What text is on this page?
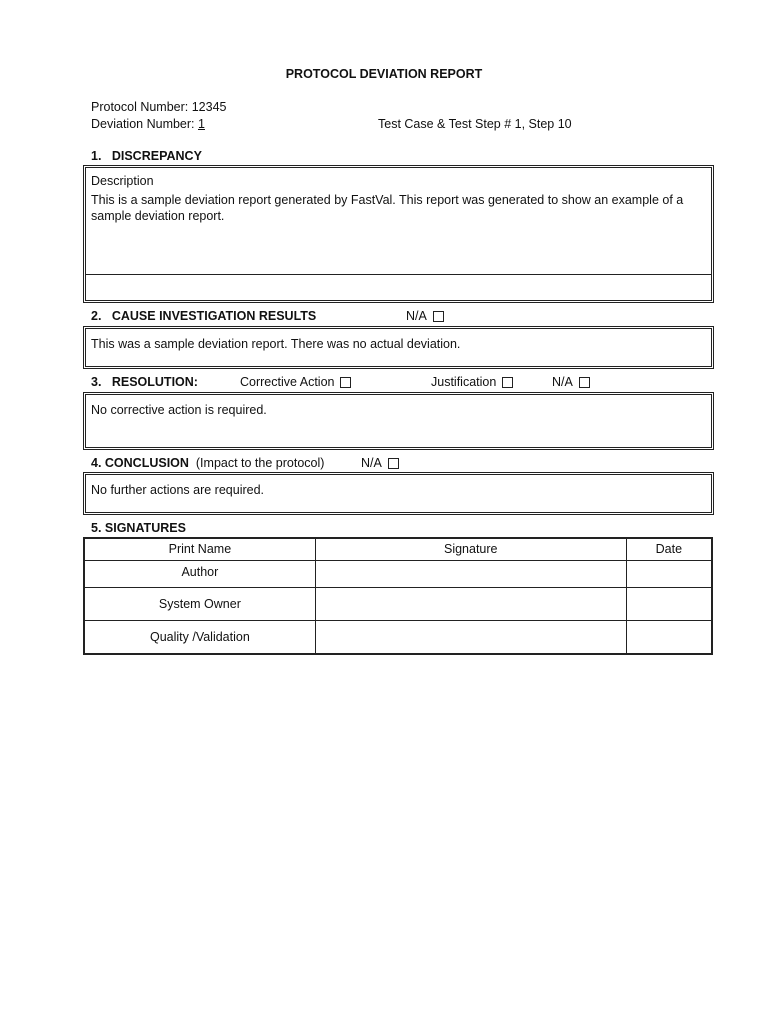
PROTOCOL DEVIATION REPORT
Protocol Number: 12345
Deviation Number: 1	Test Case & Test Step # 1, Step 10
1.   DISCREPANCY
Description
This is a sample deviation report generated by FastVal. This report was generated to show an example of a sample deviation report.
2.   CAUSE INVESTIGATION RESULTS	N/A
This was a sample deviation report. There was no actual deviation.
3.   RESOLUTION:	Corrective Action	Justification	N/A
No corrective action is required.
4. CONCLUSION (Impact to the protocol)	N/A
No further actions are required.
5. SIGNATURES
Print Name	Signature	Date
Author		
System Owner		
Quality /Validation		
